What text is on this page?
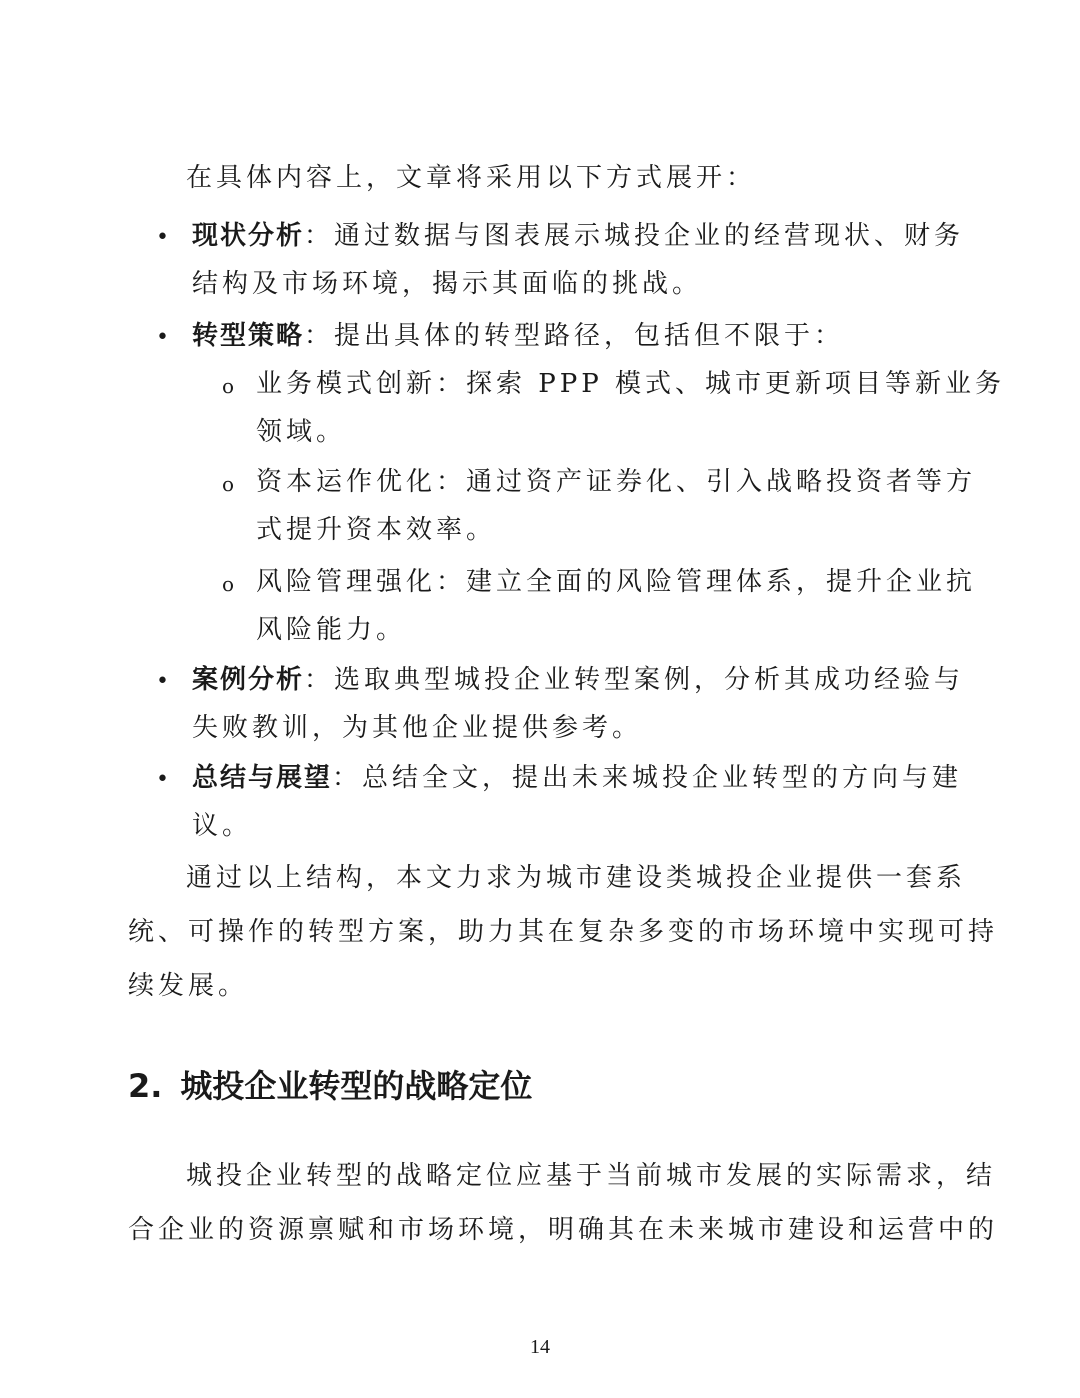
在具体内容上，文章将采用以下方式展开：
• 现状分析：通过数据与图表展示城投企业的经营现状、财务
结构及市场环境，揭示其面临的挑战。
• 转型策略：提出具体的转型路径，包括但不限于：
o 业务模式创新：探索 PPP 模式、城市更新项目等新业务
领域。
o 资本运作优化：通过资产证券化、引入战略投资者等方
式提升资本效率。
o 风险管理强化：建立全面的风险管理体系，提升企业抗
风险能力。
• 案例分析：选取典型城投企业转型案例，分析其成功经验与
失败教训，为其他企业提供参考。
• 总结与展望：总结全文，提出未来城投企业转型的方向与建
议。
通过以上结构，本文力求为城市建设类城投企业提供一套系
统、可操作的转型方案，助力其在复杂多变的市场环境中实现可持
续发展。
2. 城投企业转型的战略定位
城投企业转型的战略定位应基于当前城市发展的实际需求，结
合企业的资源禀赋和市场环境，明确其在未来城市建设和运营中的
14
